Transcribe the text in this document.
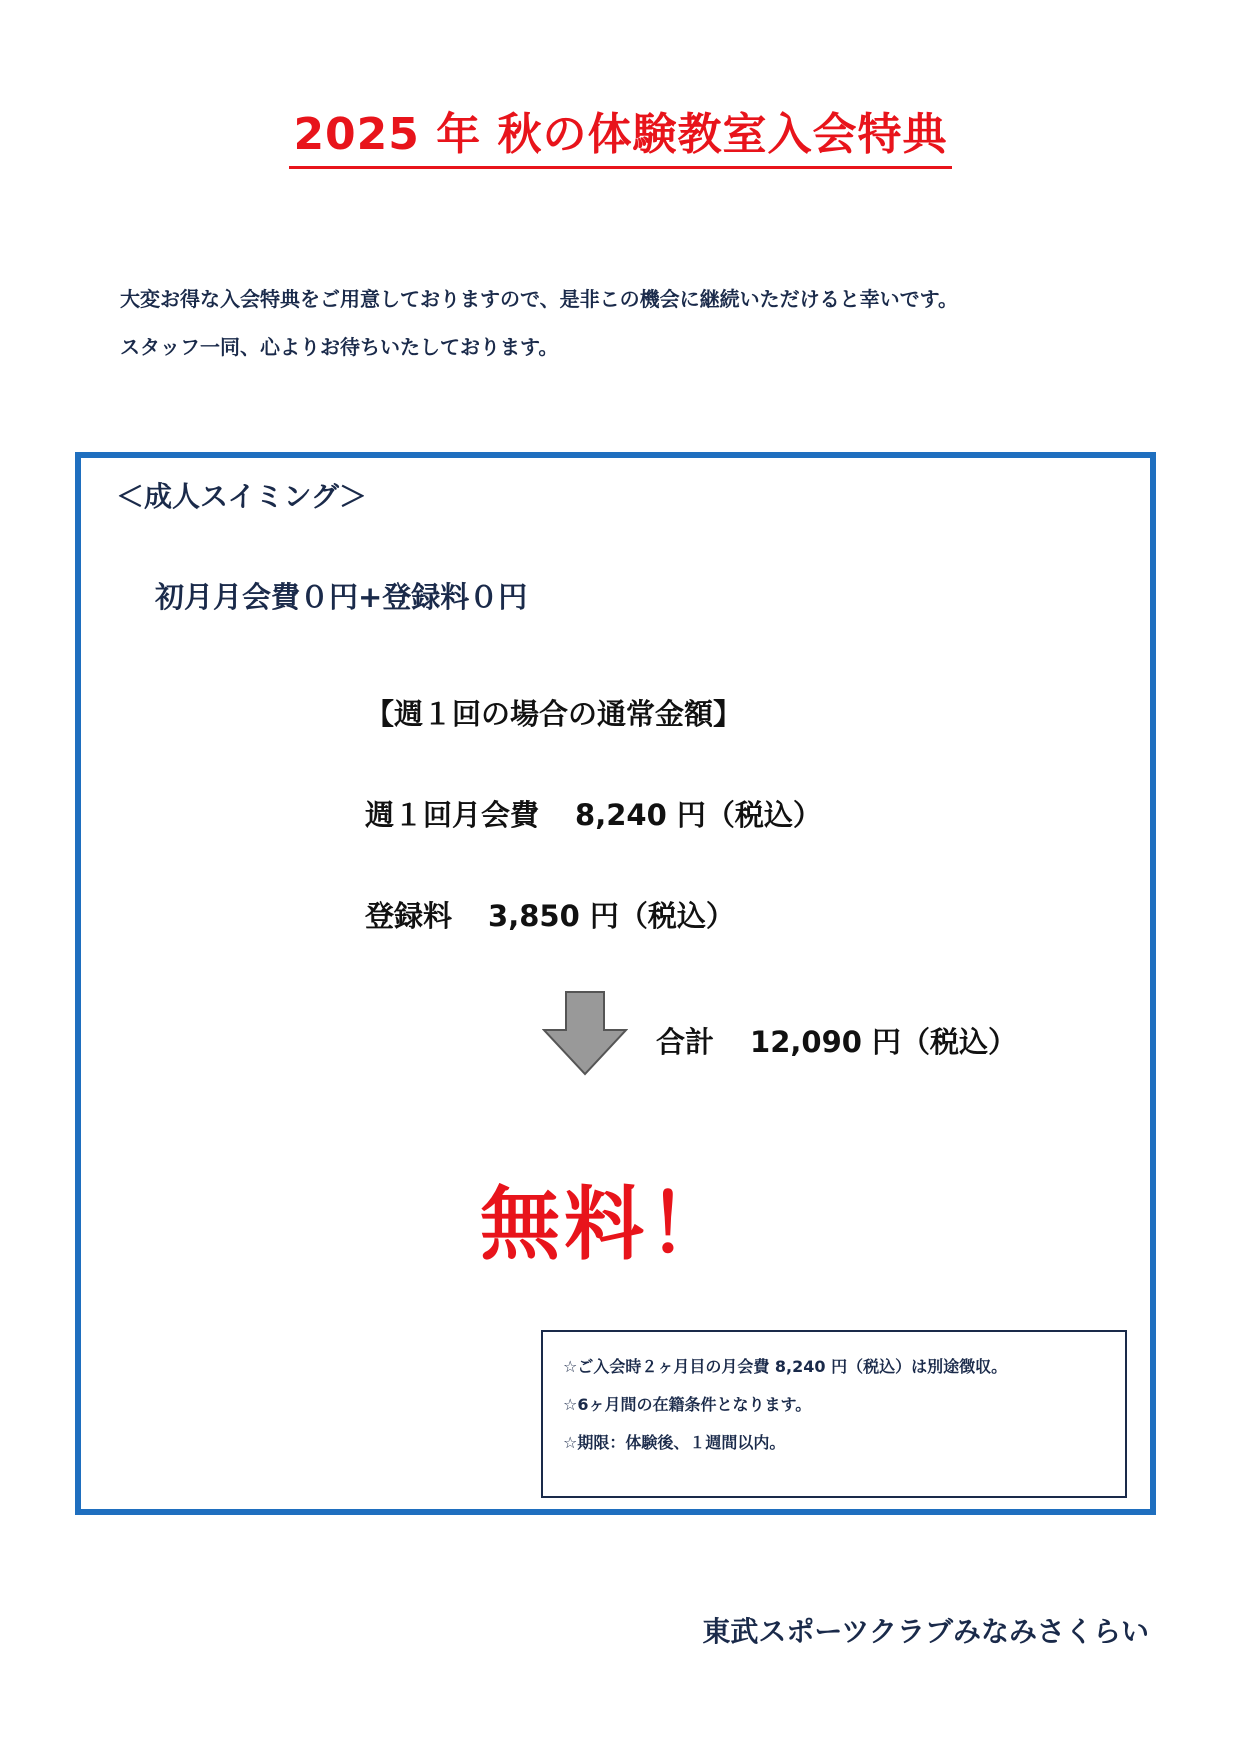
2025 年 秋の体験教室入会特典
大変お得な入会特典をご用意しておりますので、是非この機会に継続いただけると幸いです。
スタッフ一同、心よりお待ちいたしております。
＜成人スイミング＞
初月月会費０円+登録料０円
【週１回の場合の通常金額】
週１回月会費 8,240 円（税込）
登録料 3,850 円（税込）
合計 12,090 円（税込）
無料！
☆ご入会時２ヶ月目の月会費 8,240 円（税込）は別途徴収。
☆6ヶ月間の在籍条件となります。
☆期限：体験後、１週間以内。
東武スポーツクラブみなみさくらい
